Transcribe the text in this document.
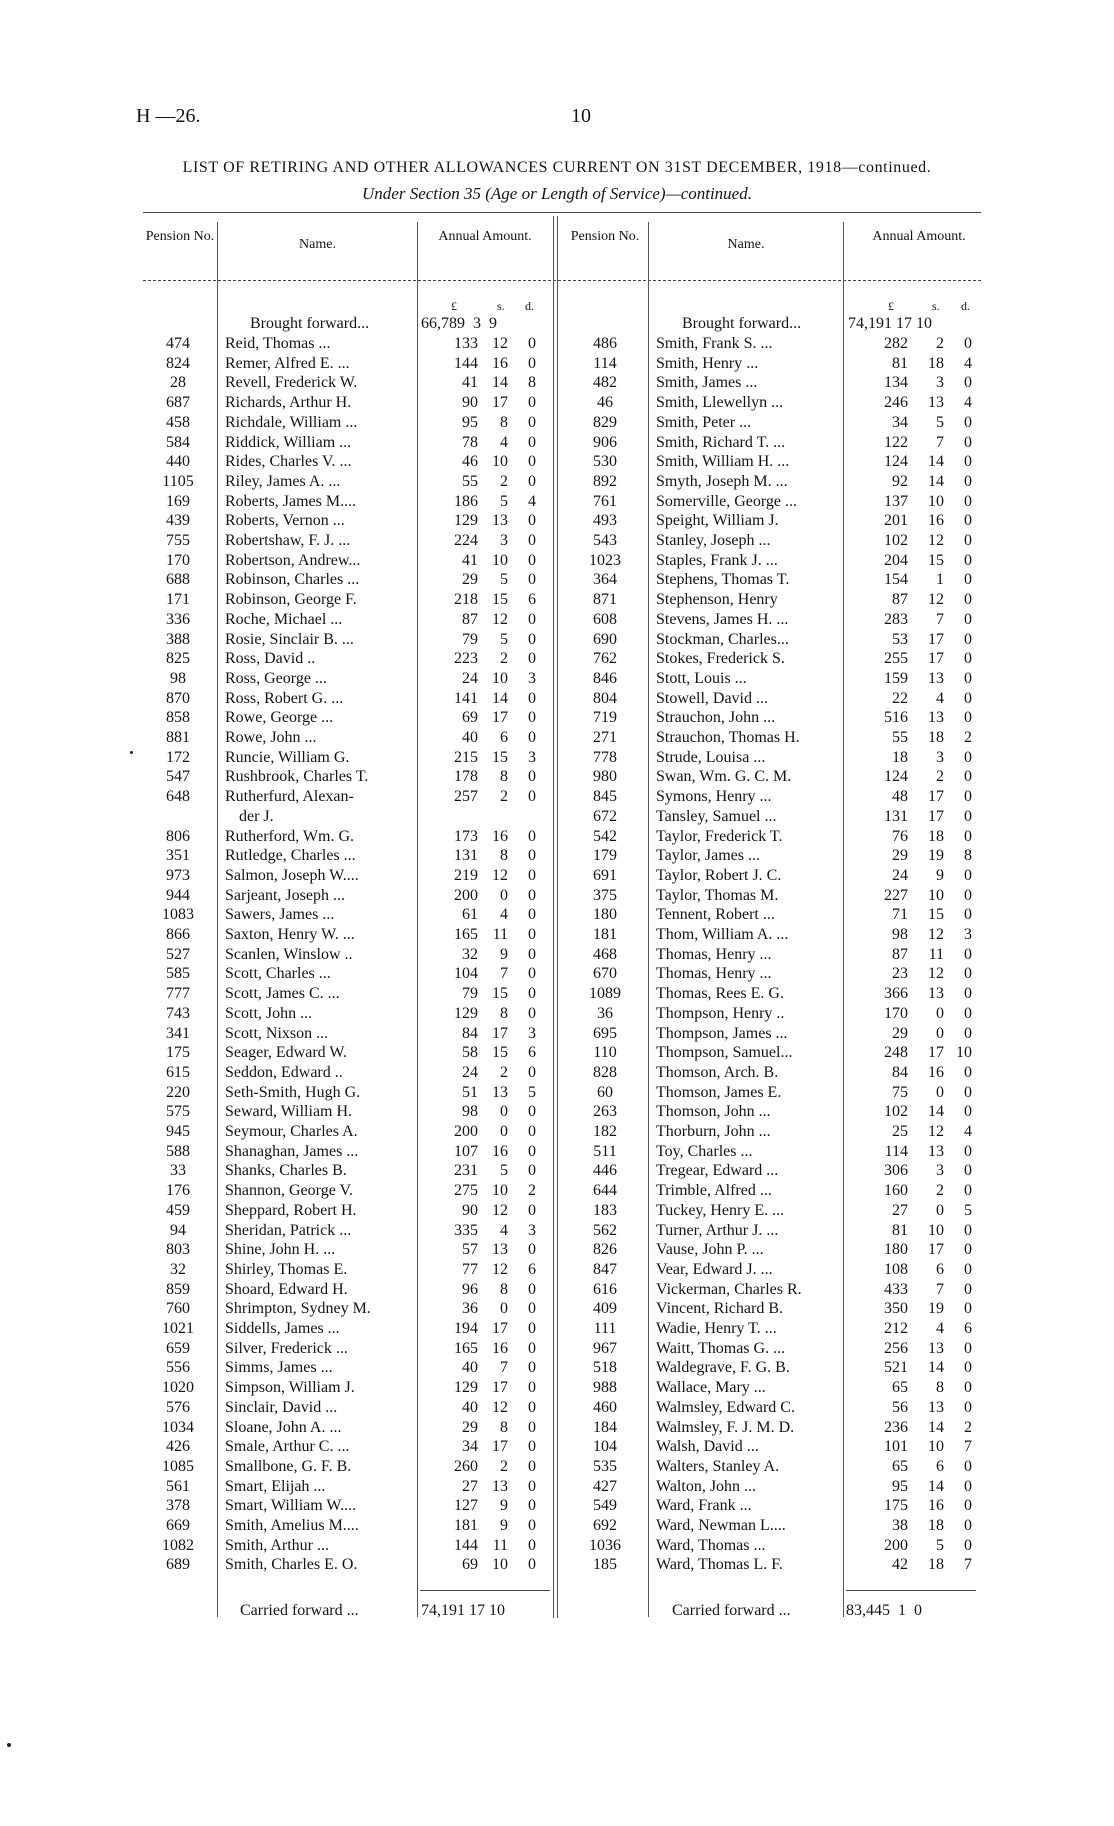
H —26.	10
LIST OF RETIRING AND OTHER ALLOWANCES CURRENT ON 31ST DECEMBER, 1918—continued.
Under Section 35 (Age or Length of Service)—continued.
Pension No.
Name.
Annual Amount.	Pension No.
Name.
Annual Amount.
£	s. d.	£	s. d.
Brought forward...	66,789  3  9	Brought forward...	74,191 17 10
474	Reid, Thomas ...	133 12	0
824	Remer, Alfred E. ...	144 16	0
28	Revell, Frederick W.	41 14	8
687	Richards, Arthur H.	90 17	0
458	Richdale, William ...	95	8	0
584	Riddick, William ...	78	4	0
440	Rides, Charles V. ...	46 10	0
1105	Riley, James A. ...	55	2	0
169	Roberts, James M....	186	5	4
439	Roberts, Vernon ...	129 13	0
755	Robertshaw, F. J. ...	224	3	0
170	Robertson, Andrew...	41 10	0
688	Robinson, Charles ...	29	5	0
171	Robinson, George F.	218 15	6
336	Roche, Michael ...	87 12	0
388	Rosie, Sinclair B. ...	79	5	0
825	Ross, David ..	223	2	0
98	Ross, George ...	24 10	3
870	Ross, Robert G. ...	141 14	0
858	Rowe, George ...	69 17	0
881	Rowe, John ...	40	6	0
172	Runcie, William G.	215 15	3
547	Rushbrook, Charles T.	178	8	0
648	Rutherfurd, Alexan-	257	2	0
der J.
806	Rutherford, Wm. G.	173 16	0
351	Rutledge, Charles ...	131	8	0
973	Salmon, Joseph W....	219 12	0
944	Sarjeant, Joseph ...	200	0	0
1083	Sawers, James ...	61	4	0
866	Saxton, Henry W. ...	165 11	0
527	Scanlen, Winslow ..	32	9	0
585	Scott, Charles ...	104	7	0
777	Scott, James C. ...	79 15	0
743	Scott, John ...	129	8	0
341	Scott, Nixson ...	84 17	3
175	Seager, Edward W.	58 15	6
615	Seddon, Edward ..	24	2	0
220	Seth-Smith, Hugh G.	51 13	5
575	Seward, William H.	98	0	0
945	Seymour, Charles A.	200	0	0
588	Shanaghan, James ...	107 16	0
33	Shanks, Charles B.	231	5	0
176	Shannon, George V.	275 10	2
459	Sheppard, Robert H.	90 12	0
94	Sheridan, Patrick ...	335	4	3
803	Shine, John H. ...	57 13	0
32	Shirley, Thomas E.	77 12	6
859	Shoard, Edward H.	96	8	0
760	Shrimpton, Sydney M.	36	0	0
1021	Siddells, James ...	194 17	0
659	Silver, Frederick ...	165 16	0
556	Simms, James ...	40	7	0
1020	Simpson, William J.	129 17	0
576	Sinclair, David ...	40 12	0
1034	Sloane, John A. ...	29	8	0
426	Smale, Arthur C. ...	34 17	0
1085	Smallbone, G. F. B.	260	2	0
561	Smart, Elijah ...	27 13	0
378	Smart, William W....	127	9	0
669	Smith, Amelius M....	181	9	0
1082	Smith, Arthur ...	144 11	0
689	Smith, Charles E. O.	69 10	0
486	Smith, Frank S. ...	282	2	0
114	Smith, Henry ...	81	18	4
482	Smith, James ...	134	3	0
46	Smith, Llewellyn ...	246	13	4
829	Smith, Peter ...	34	5	0
906	Smith, Richard T. ...	122	7	0
530	Smith, William H. ...	124	14	0
892	Smyth, Joseph M. ...	92	14	0
761	Somerville, George ...	137	10	0
493	Speight, William J.	201	16	0
543	Stanley, Joseph ...	102	12	0
1023	Staples, Frank J. ...	204	15	0
364	Stephens, Thomas T.	154	1	0
871	Stephenson, Henry	87	12	0
608	Stevens, James H. ...	283	7	0
690	Stockman, Charles...	53	17	0
762	Stokes, Frederick S.	255	17	0
846	Stott, Louis ...	159	13	0
804	Stowell, David ...	22	4	0
719	Strauchon, John ...	516	13	0
271	Strauchon, Thomas H.	55	18	2
778	Strude, Louisa ...	18	3	0
980	Swan, Wm. G. C. M.	124	2	0
845	Symons, Henry ...	48	17	0
672	Tansley, Samuel ...	131	17	0
542	Taylor, Frederick T.	76	18	0
179	Taylor, James ...	29	19	8
691	Taylor, Robert J. C.	24	9	0
375	Taylor, Thomas M.	227	10	0
180	Tennent, Robert ...	71	15	0
181	Thom, William A. ...	98	12	3
468	Thomas, Henry ...	87	11	0
670	Thomas, Henry ...	23	12	0
1089	Thomas, Rees E. G.	366	13	0
36	Thompson, Henry ..	170	0	0
695	Thompson, James ...	29	0	0
110	Thompson, Samuel...	248	17 10
828	Thomson, Arch. B.	84	16	0
60	Thomson, James E.	75	0	0
263	Thomson, John ...	102	14	0
182	Thorburn, John ...	25	12	4
511	Toy, Charles ...	114	13	0
446	Tregear, Edward ...	306	3	0
644	Trimble, Alfred ...	160	2	0
183	Tuckey, Henry E. ...	27	0	5
562	Turner, Arthur J. ...	81	10	0
826	Vause, John P. ...	180	17	0
847	Vear, Edward J. ...	108	6	0
616	Vickerman, Charles R.	433	7	0
409	Vincent, Richard B.	350	19	0
111	Wadie, Henry T. ...	212	4	6
967	Waitt, Thomas G. ...	256	13	0
518	Waldegrave, F. G. B.	521	14	0
988	Wallace, Mary ...	65	8	0
460	Walmsley, Edward C.	56	13	0
184	Walmsley, F. J. M. D.	236	14	2
104	Walsh, David ...	101	10	7
535	Walters, Stanley A.	65	6	0
427	Walton, John ...	95	14	0
549	Ward, Frank ...	175	16	0
692	Ward, Newman L....	38	18	0
1036	Ward, Thomas ...	200	5	0
185	Ward, Thomas L. F.	42	18	7
Carried forward ...	74,191 17 10	Carried forward ...	83,445  1  0
